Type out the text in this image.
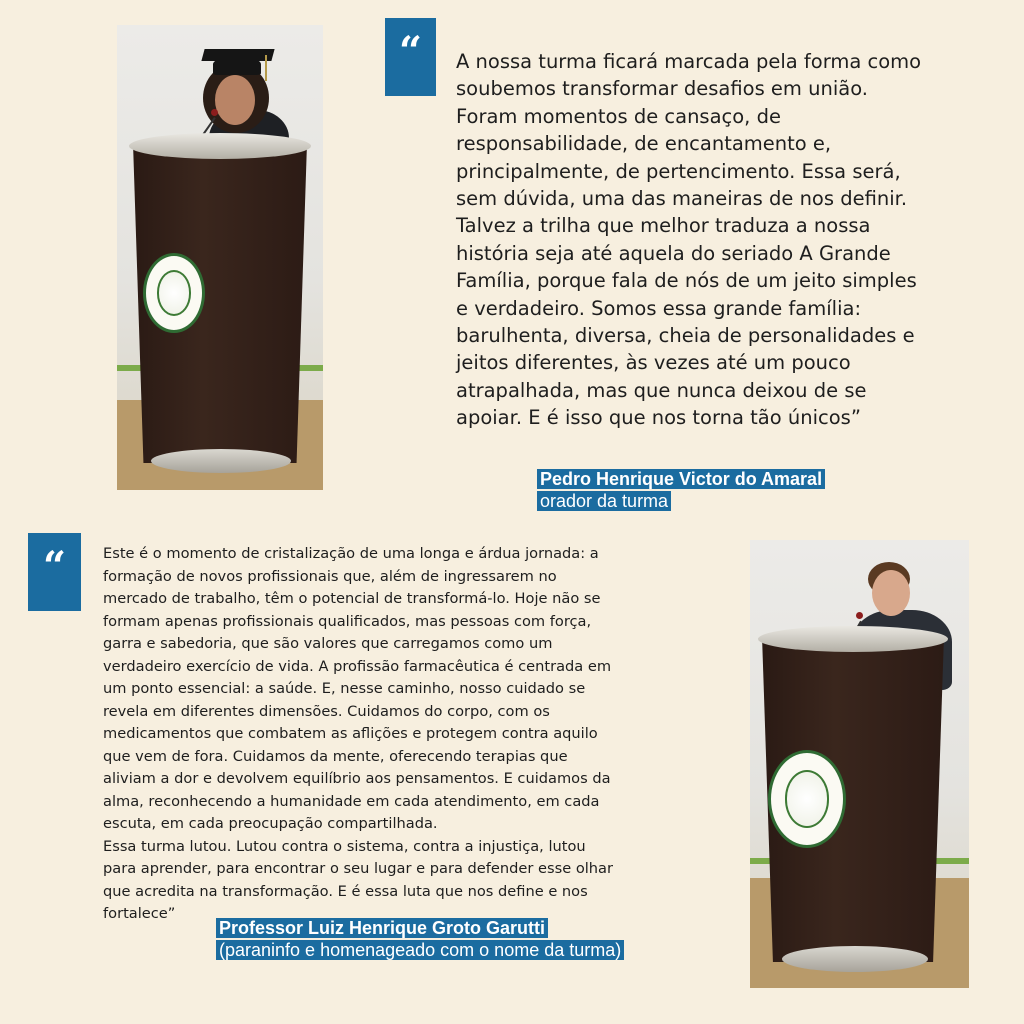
“	A nossa turma ficará marcada pela forma como
soubemos transformar desafios em união.
Foram momentos de cansaço, de
responsabilidade, de encantamento e,
principalmente, de pertencimento. Essa será,
sem dúvida, uma das maneiras de nos definir.
Talvez a trilha que melhor traduza a nossa
história seja até aquela do seriado A Grande
Família, porque fala de nós de um jeito simples
e verdadeiro. Somos essa grande família:
barulhenta, diversa, cheia de personalidades e
jeitos diferentes, às vezes até um pouco
atrapalhada, mas que nunca deixou de se
apoiar. E é isso que nos torna tão únicos”
Pedro Henrique Victor do Amaral
orador da turma
“	Este é o momento de cristalização de uma longa e árdua jornada: a
formação de novos profissionais que, além de ingressarem no
mercado de trabalho, têm o potencial de transformá-lo. Hoje não se
formam apenas profissionais qualificados, mas pessoas com força,
garra e sabedoria, que são valores que carregamos como um
verdadeiro exercício de vida. A profissão farmacêutica é centrada em
um ponto essencial: a saúde. E, nesse caminho, nosso cuidado se
revela em diferentes dimensões. Cuidamos do corpo, com os
medicamentos que combatem as aflições e protegem contra aquilo
que vem de fora. Cuidamos da mente, oferecendo terapias que
aliviam a dor e devolvem equilíbrio aos pensamentos. E cuidamos da
alma, reconhecendo a humanidade em cada atendimento, em cada
escuta, em cada preocupação compartilhada.
Essa turma lutou. Lutou contra o sistema, contra a injustiça, lutou
para aprender, para encontrar o seu lugar e para defender esse olhar
que acredita na transformação. E é essa luta que nos define e nos
fortalece”
Professor Luiz Henrique Groto Garutti
(paraninfo e homenageado com o nome da turma)
